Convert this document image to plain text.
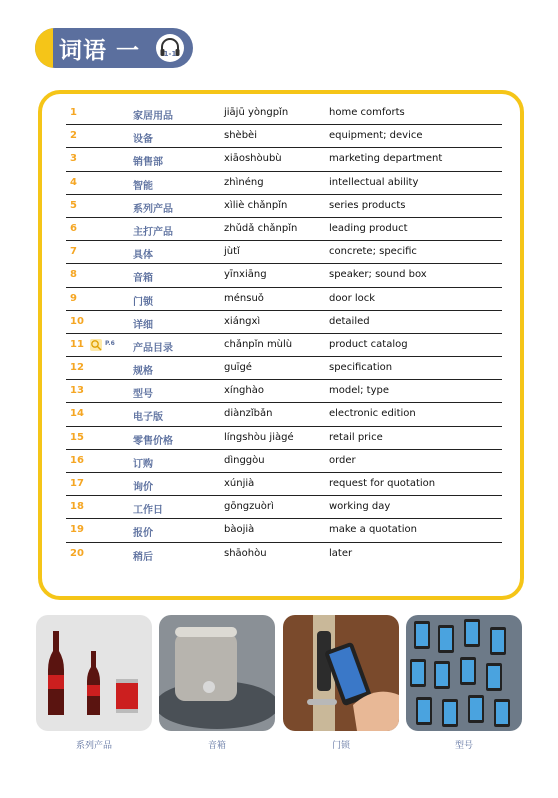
词语 一	1-1
1	家居用品	jiājū yòngpǐn	home comforts
2	设备	shèbèi	equipment; device
3	销售部	xiāoshòubù	marketing department
4	智能	zhìnéng	intellectual ability
5	系列产品	xìliè chǎnpǐn	series products
6	主打产品	zhǔdǎ chǎnpǐn	leading product
7	具体	jùtǐ	concrete; specific
8	音箱	yīnxiāng	speaker; sound box
9	门锁	ménsuǒ	door lock
10	详细	xiángxì	detailed
11	产品目录	chǎnpǐn mùlù	product catalog
P.6
12	规格	guīgé	specification
13	型号	xínghào	model; type
14	电子版	diànzǐbǎn	electronic edition
15	零售价格	língshòu jiàgé	retail price
16	订购	dìnggòu	order
17	询价	xúnjià	request for quotation
18	工作日	gōngzuòrì	working day
19	报价	bàojià	make a quotation
20	稍后	shāohòu	later
系列产品	音箱	门锁	型号
